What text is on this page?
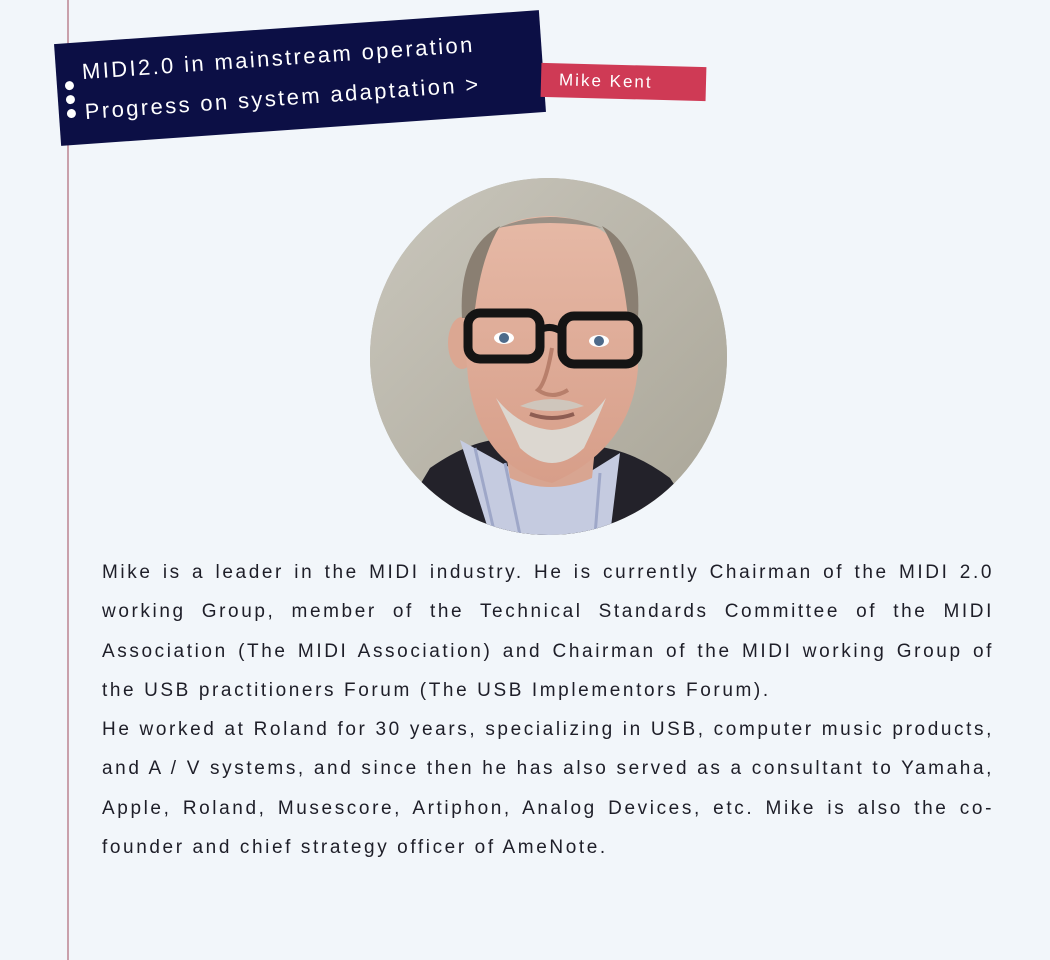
MIDI2.0 in mainstream operation
Progress on system adaptation >	Mike Kent

Mike is a leader in the MIDI industry. He is currently Chairman of the MIDI 2.0 working Group, member of the Technical Standards Committee of the MIDI Association (The MIDI Association) and Chairman of the MIDI working Group of the USB practitioners Forum (The USB Implementors Forum).

He worked at Roland for 30 years, specializing in USB, computer music products, and A / V systems, and since then he has also served as a consultant to Yamaha, Apple, Roland, Musescore, Artiphon, Analog Devices, etc. Mike is also the co-founder and chief strategy officer of AmeNote.
